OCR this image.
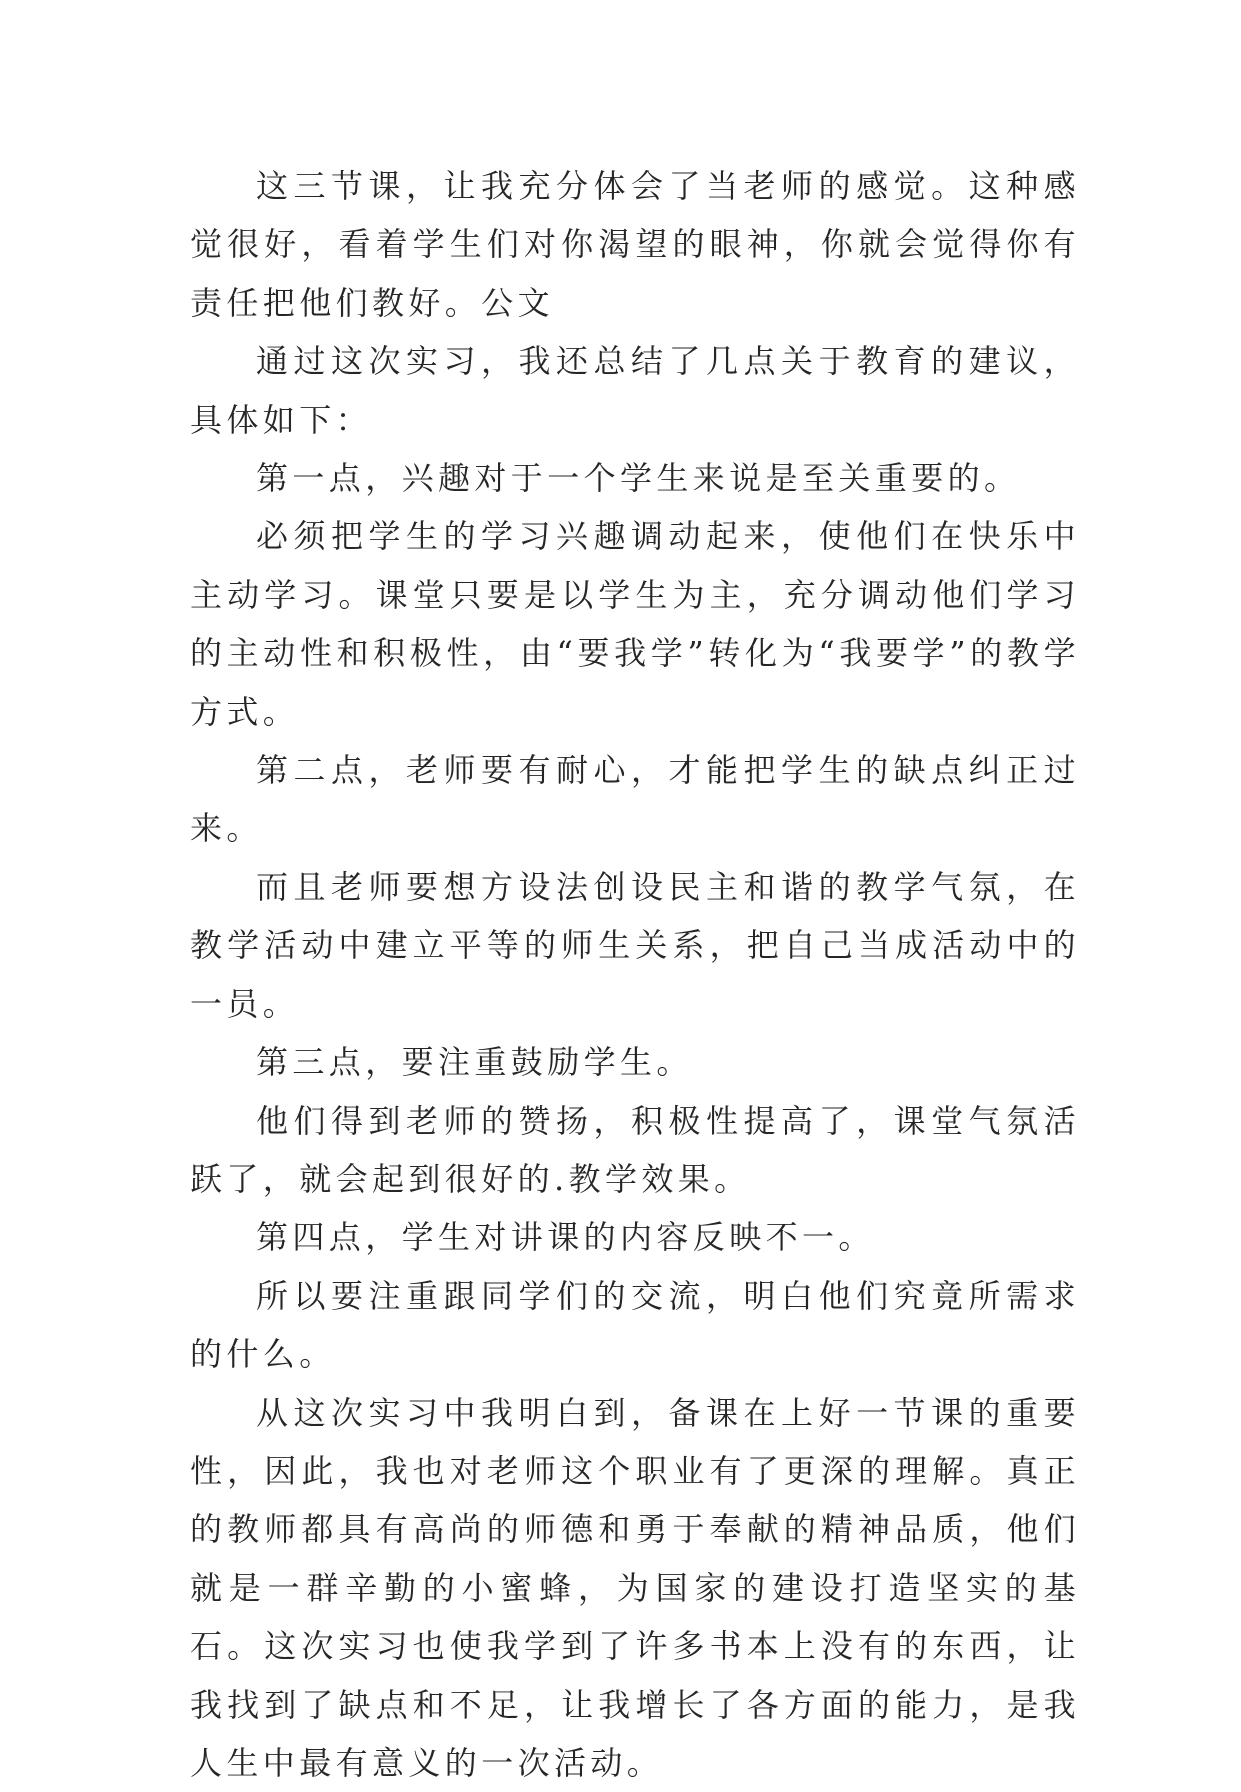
这三节课，让我充分体会了当老师的感觉。这种感觉很好，看着学生们对你渴望的眼神，你就会觉得你有责任把他们教好。公文

通过这次实习，我还总结了几点关于教育的建议，具体如下：

第一点，兴趣对于一个学生来说是至关重要的。

必须把学生的学习兴趣调动起来，使他们在快乐中主动学习。课堂只要是以学生为主，充分调动他们学习的主动性和积极性，由“要我学”转化为“我要学”的教学方式。

第二点，老师要有耐心，才能把学生的缺点纠正过来。

而且老师要想方设法创设民主和谐的教学气氛，在教学活动中建立平等的师生关系，把自己当成活动中的一员。

第三点，要注重鼓励学生。

他们得到老师的赞扬，积极性提高了，课堂气氛活跃了，就会起到很好的.教学效果。

第四点，学生对讲课的内容反映不一。

所以要注重跟同学们的交流，明白他们究竟所需求的什么。

从这次实习中我明白到，备课在上好一节课的重要性，因此，我也对老师这个职业有了更深的理解。真正的教师都具有高尚的师德和勇于奉献的精神品质，他们就是一群辛勤的小蜜蜂，为国家的建设打造坚实的基石。这次实习也使我学到了许多书本上没有的东西，让我找到了缺点和不足，让我增长了各方面的能力，是我人生中最有意义的一次活动。
